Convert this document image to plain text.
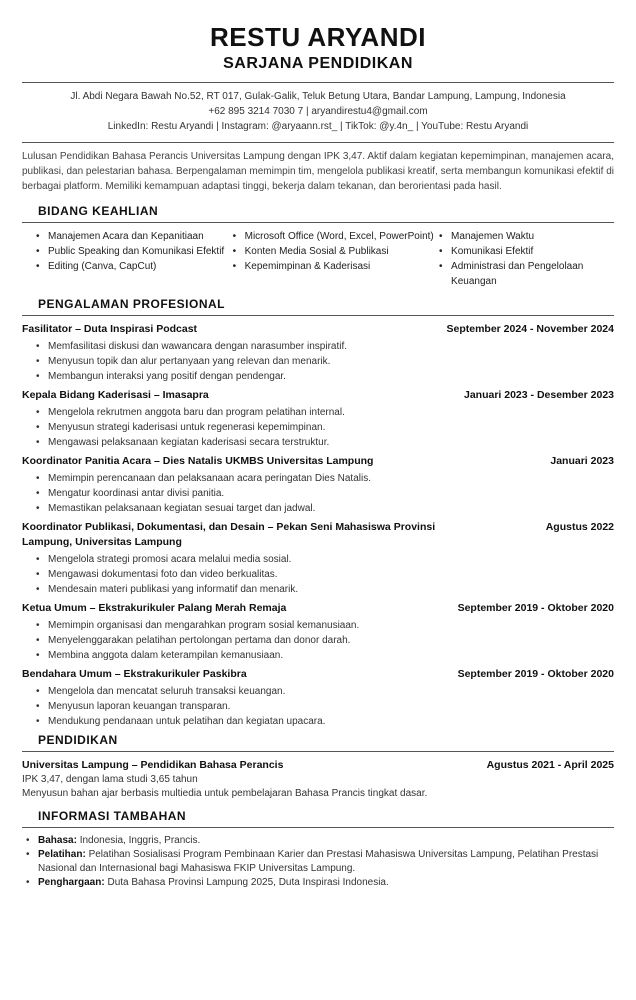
RESTU ARYANDI
SARJANA PENDIDIKAN
Jl. Abdi Negara Bawah No.52, RT 017, Gulak-Galik, Teluk Betung Utara, Bandar Lampung, Lampung, Indonesia
+62 895 3214 7030 7 | aryandirestu4@gmail.com
LinkedIn: Restu Aryandi | Instagram: @aryaann.rst_ | TikTok: @y.4n_ | YouTube: Restu Aryandi

Lulusan Pendidikan Bahasa Perancis Universitas Lampung dengan IPK 3,47. Aktif dalam kegiatan kepemimpinan, manajemen acara, publikasi, dan pelestarian bahasa. Berpengalaman memimpin tim, mengelola publikasi kreatif, serta membangun komunikasi efektif di berbagai platform. Memiliki kemampuan adaptasi tinggi, bekerja dalam tekanan, dan berorientasi pada hasil.

BIDANG KEAHLIAN
• Manajemen Acara dan Kepanitiaan
• Public Speaking dan Komunikasi Efektif
• Editing (Canva, CapCut)
• Microsoft Office (Word, Excel, PowerPoint)
• Konten Media Sosial & Publikasi
• Kepemimpinan & Kaderisasi
• Manajemen Waktu
• Komunikasi Efektif
• Administrasi dan Pengelolaan Keuangan
PENGALAMAN PROFESIONAL
Fasilitator – Duta Inspirasi Podcast	September 2024 - November 2024
• Memfasilitasi diskusi dan wawancara dengan narasumber inspiratif.
• Menyusun topik dan alur pertanyaan yang relevan dan menarik.
• Membangun interaksi yang positif dengan pendengar.
Kepala Bidang Kaderisasi – Imasapra	Januari 2023 - Desember 2023
• Mengelola rekrutmen anggota baru dan program pelatihan internal.
• Menyusun strategi kaderisasi untuk regenerasi kepemimpinan.
• Mengawasi pelaksanaan kegiatan kaderisasi secara terstruktur.
Koordinator Panitia Acara – Dies Natalis UKMBS Universitas Lampung	Januari 2023
• Memimpin perencanaan dan pelaksanaan acara peringatan Dies Natalis.
• Mengatur koordinasi antar divisi panitia.
• Memastikan pelaksanaan kegiatan sesuai target dan jadwal.
Koordinator Publikasi, Dokumentasi, dan Desain – Pekan Seni Mahasiswa Provinsi Lampung, Universitas Lampung
Agustus 2022
• Mengelola strategi promosi acara melalui media sosial.
• Mengawasi dokumentasi foto dan video berkualitas.
• Mendesain materi publikasi yang informatif dan menarik.
Ketua Umum – Ekstrakurikuler Palang Merah Remaja	September 2019 - Oktober 2020
• Memimpin organisasi dan mengarahkan program sosial kemanusiaan.
• Menyelenggarakan pelatihan pertolongan pertama dan donor darah.
• Membina anggota dalam keterampilan kemanusiaan.
Bendahara Umum – Ekstrakurikuler Paskibra	September 2019 - Oktober 2020
• Mengelola dan mencatat seluruh transaksi keuangan.
• Menyusun laporan keuangan transparan.
• Mendukung pendanaan untuk pelatihan dan kegiatan upacara.
PENDIDIKAN
Universitas Lampung – Pendidikan Bahasa Perancis	Agustus 2021 - April 2025
IPK 3,47, dengan lama studi 3,65 tahun
Menyusun bahan ajar berbasis multiedia untuk pembelajaran Bahasa Prancis tingkat dasar.
INFORMASI TAMBAHAN
• Bahasa: Indonesia, Inggris, Prancis.
• Pelatihan: Pelatihan Sosialisasi Program Pembinaan Karier dan Prestasi Mahasiswa Universitas Lampung, Pelatihan Prestasi Nasional dan Internasional bagi Mahasiswa FKIP Universitas Lampung.
• Penghargaan: Duta Bahasa Provinsi Lampung 2025, Duta Inspirasi Indonesia.
